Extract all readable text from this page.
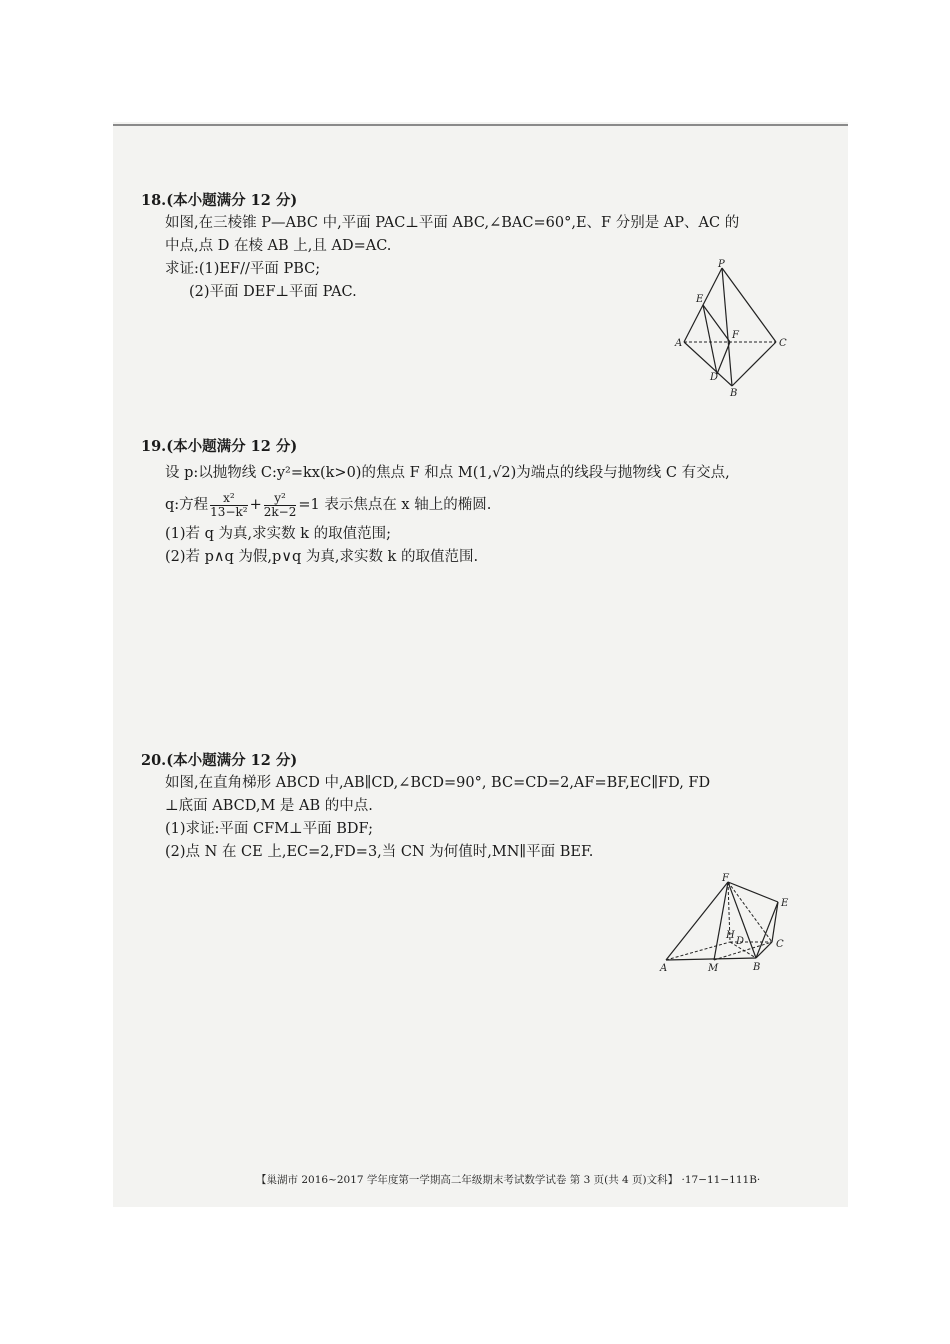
18.(本小题满分 12 分)
如图,在三棱锥 P—ABC 中,平面 PAC⊥平面 ABC,∠BAC=60°,E、F 分别是 AP、AC 的
中点,点 D 在棱 AB 上,且 AD=AC.
求证:(1)EF//平面 PBC;
(2)平面 DEF⊥平面 PAC.
P
E
F
A	C
D
B
19.(本小题满分 12 分)
设 p:以抛物线 C:y²=kx(k>0)的焦点 F 和点 M(1,√2)为端点的线段与抛物线 C 有交点,
q:方程 $\frac{\text{x²}}{\text{13−k²}} + \frac{\text{y²}}{2k-2} =1$ 表示焦点在 x 轴上的椭圆.
(1)若 q 为真,求实数 k 的取值范围;
(2)若 p∧q 为假,p∨q 为真,求实数 k 的取值范围.
20.(本小题满分 12 分)
如图,在直角梯形 ABCD 中,AB∥CD,∠BCD=90°, BC=CD=2,AF=BF,EC∥FD, FD
⊥底面 ABCD,M 是 AB 的中点.
(1)求证:平面 CFM⊥平面 BDF;
(2)点 N 在 CE 上,EC=2,FD=3,当 CN 为何值时,MN∥平面 BEF.
F
E
H
D	C
A	M	B
【巢湖市 2016~2017 学年度第一学期高二年级期末考试数学试卷 第 3 页(共 4 页)文科】 ·17−11−111B·
